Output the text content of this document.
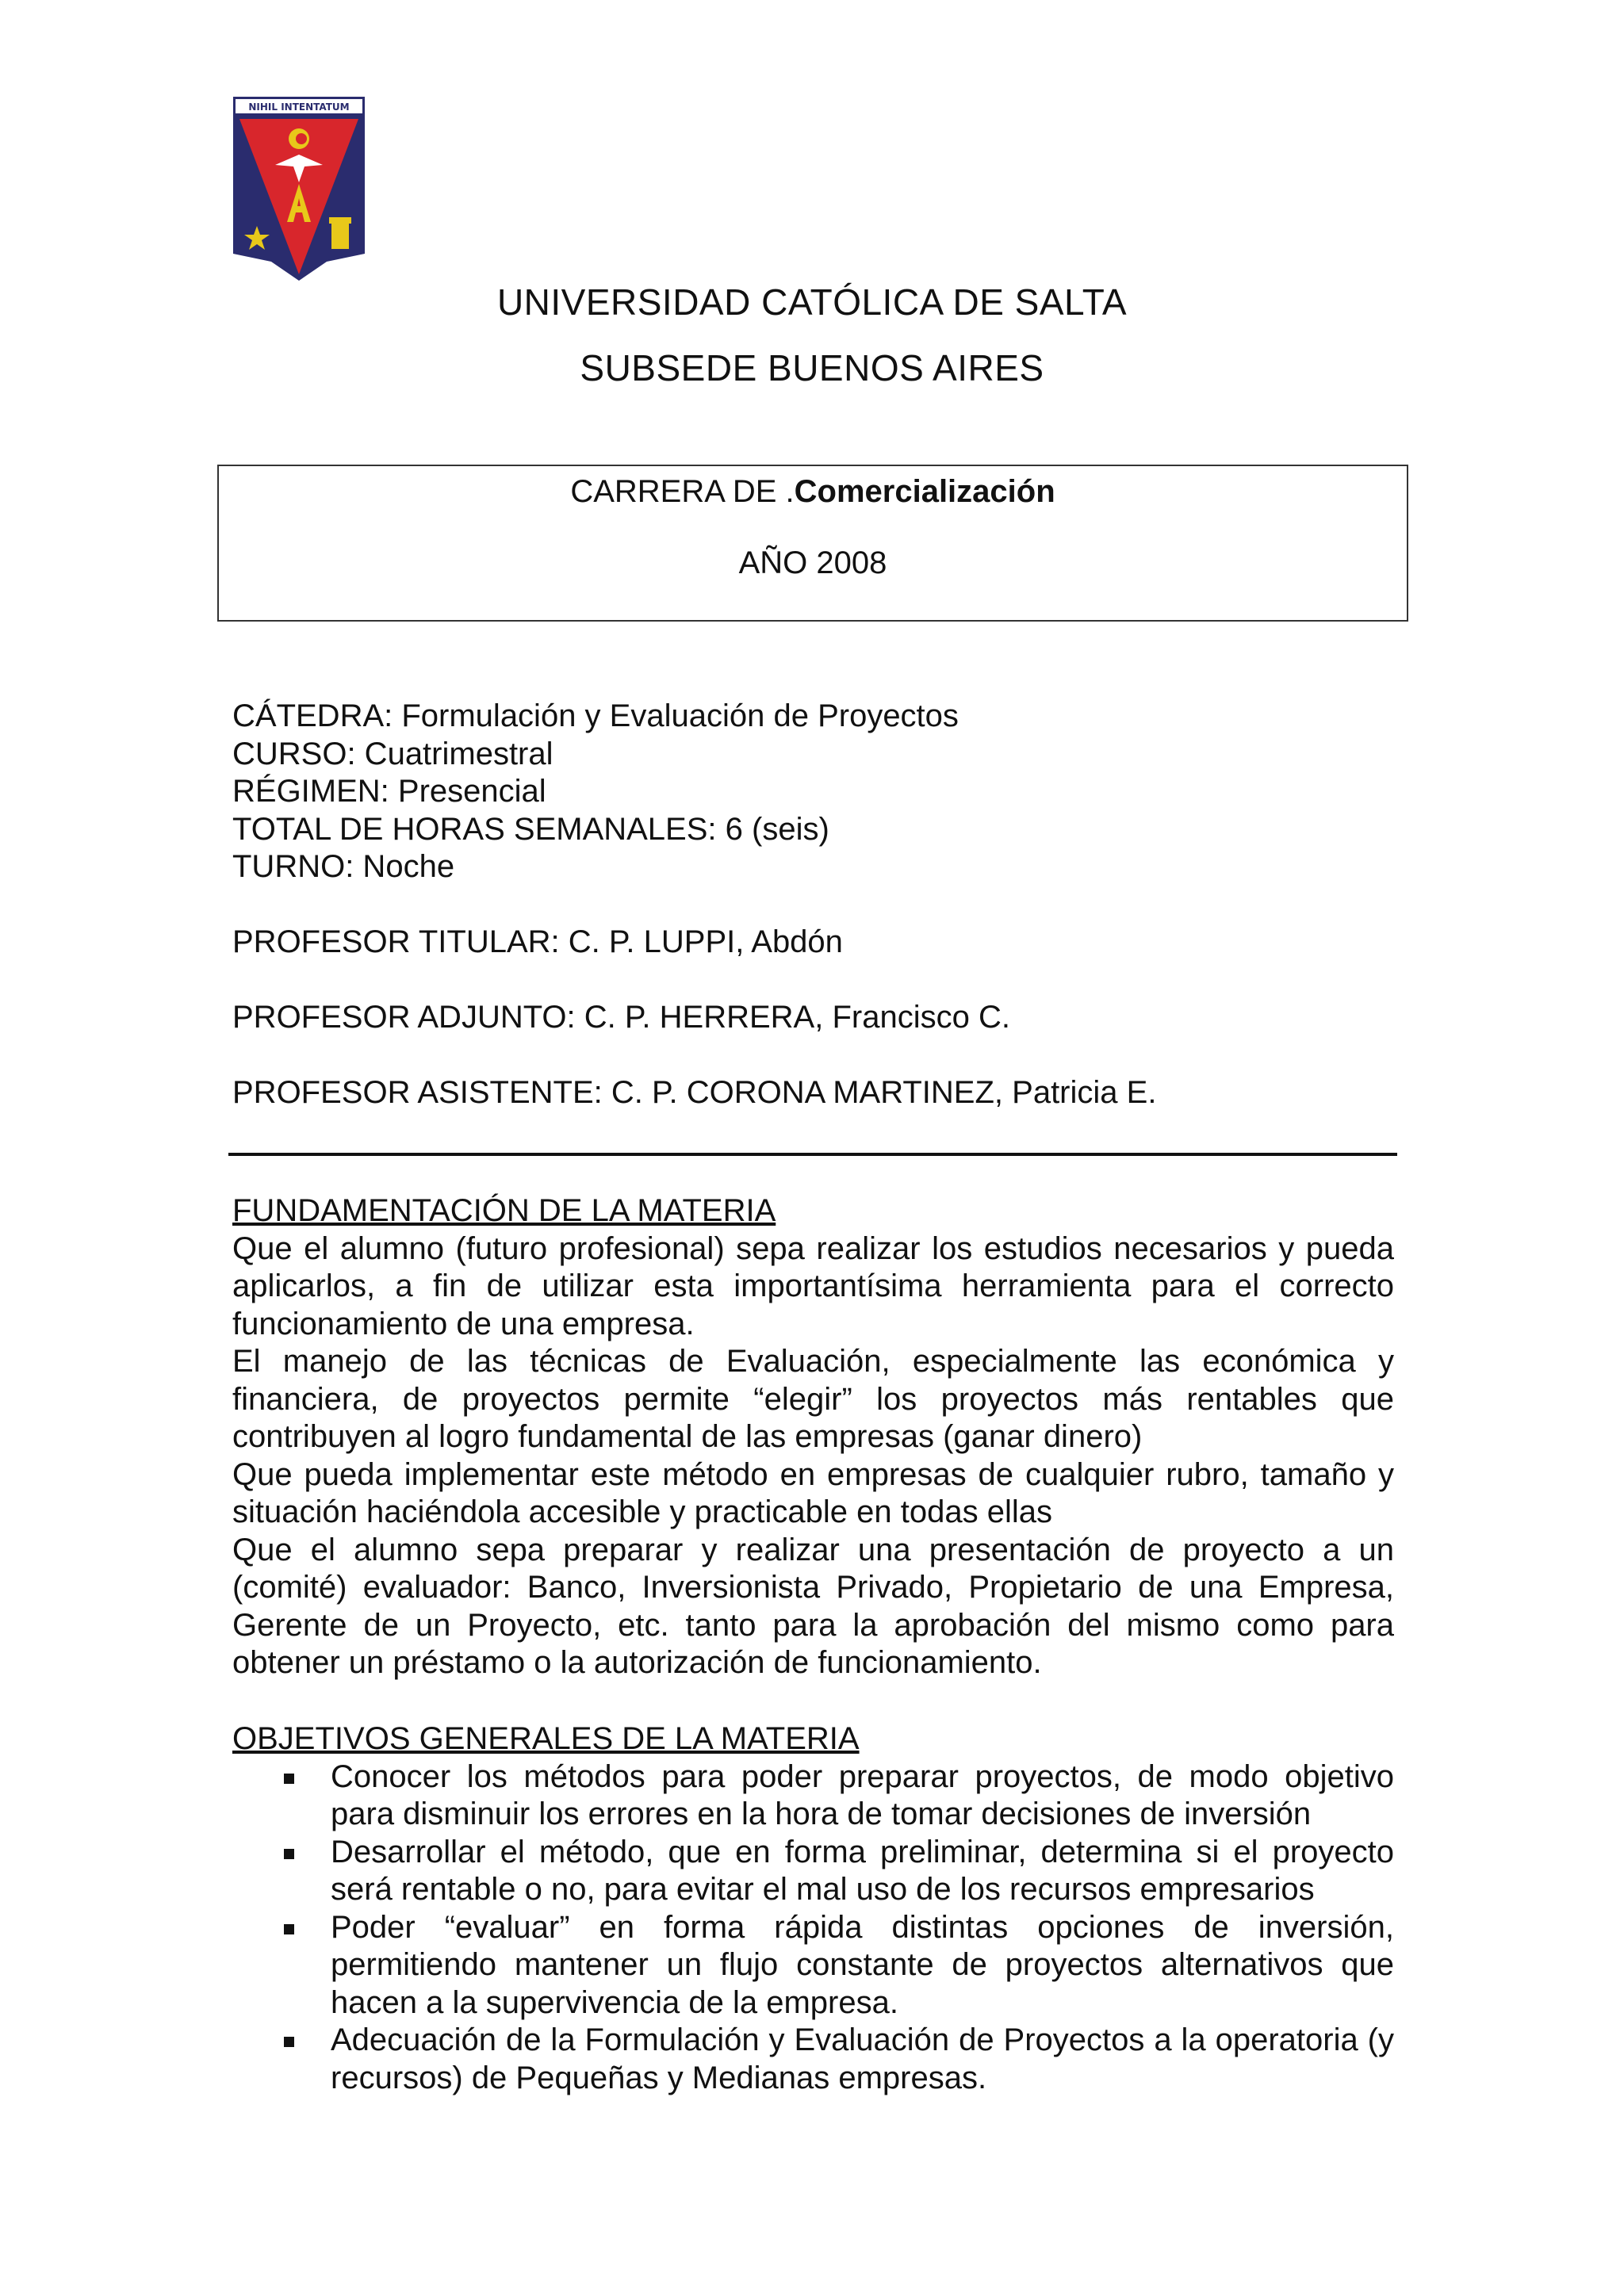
NIHIL INTENTATUM
UNIVERSIDAD CATÓLICA DE SALTA
SUBSEDE BUENOS AIRES
CARRERA DE .Comercialización
AÑO 2008

CÁTEDRA: Formulación y Evaluación de Proyectos

CURSO: Cuatrimestral

RÉGIMEN: Presencial

TOTAL DE HORAS SEMANALES: 6 (seis)

TURNO: Noche

PROFESOR TITULAR: C. P. LUPPI, Abdón

PROFESOR ADJUNTO: C. P. HERRERA, Francisco C.

PROFESOR ASISTENTE: C. P. CORONA MARTINEZ, Patricia E.

FUNDAMENTACIÓN DE LA MATERIA

Que el alumno (futuro profesional) sepa realizar los estudios necesarios y pueda aplicarlos, a fin de utilizar esta importantísima herramienta para el correcto funcionamiento de una empresa.

El manejo de las técnicas de Evaluación, especialmente las económica y financiera, de proyectos permite “elegir” los proyectos más rentables que contribuyen al logro fundamental de las empresas (ganar dinero)

Que pueda implementar este método en empresas de cualquier rubro, tamaño y situación haciéndola accesible y practicable en todas ellas

Que el alumno sepa preparar y realizar una presentación de proyecto a un (comité) evaluador: Banco, Inversionista Privado, Propietario de una Empresa, Gerente de un Proyecto, etc. tanto para la aprobación del mismo como para obtener un préstamo o la autorización de funcionamiento.

OBJETIVOS GENERALES DE LA MATERIA
Conocer los métodos para poder preparar proyectos, de modo objetivo para disminuir los errores en la hora de tomar decisiones de inversión
Desarrollar el método, que en forma preliminar, determina si el proyecto será rentable o no, para evitar el mal uso de los recursos empresarios
Poder “evaluar” en forma rápida distintas opciones de inversión, permitiendo mantener un flujo constante de proyectos alternativos que hacen a la supervivencia de la empresa.
Adecuación de la Formulación y Evaluación de Proyectos a la operatoria (y recursos) de Pequeñas y Medianas empresas.
